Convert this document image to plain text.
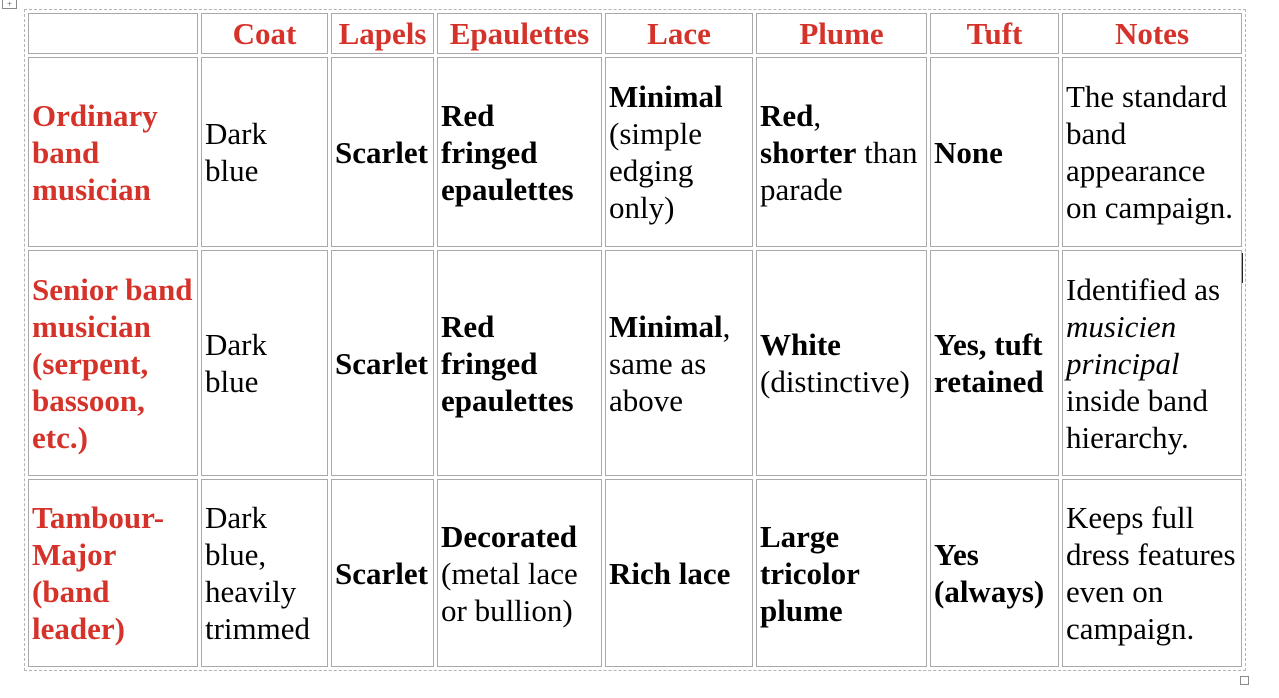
+
	Coat	Lapels	Epaulettes	Lace	Plume	Tuft	Notes
Ordinary band musician	Dark blue	Scarlet	Red fringed epaulettes	Minimal (simple edging only)	Red, shorter than parade	None	The standard band appearance on campaign.
Senior band musician (serpent, bassoon, etc.)	Dark blue	Scarlet	Red fringed epaulettes	Minimal, same as above	White (distinctive)	Yes, tuft retained	Identified as musicien principal inside band hierarchy.
Tambour-Major (band leader)	Dark blue, heavily trimmed	Scarlet	Decorated (metal lace or bullion)	Rich lace	Large tricolor plume	Yes (always)	Keeps full dress features even on campaign.
